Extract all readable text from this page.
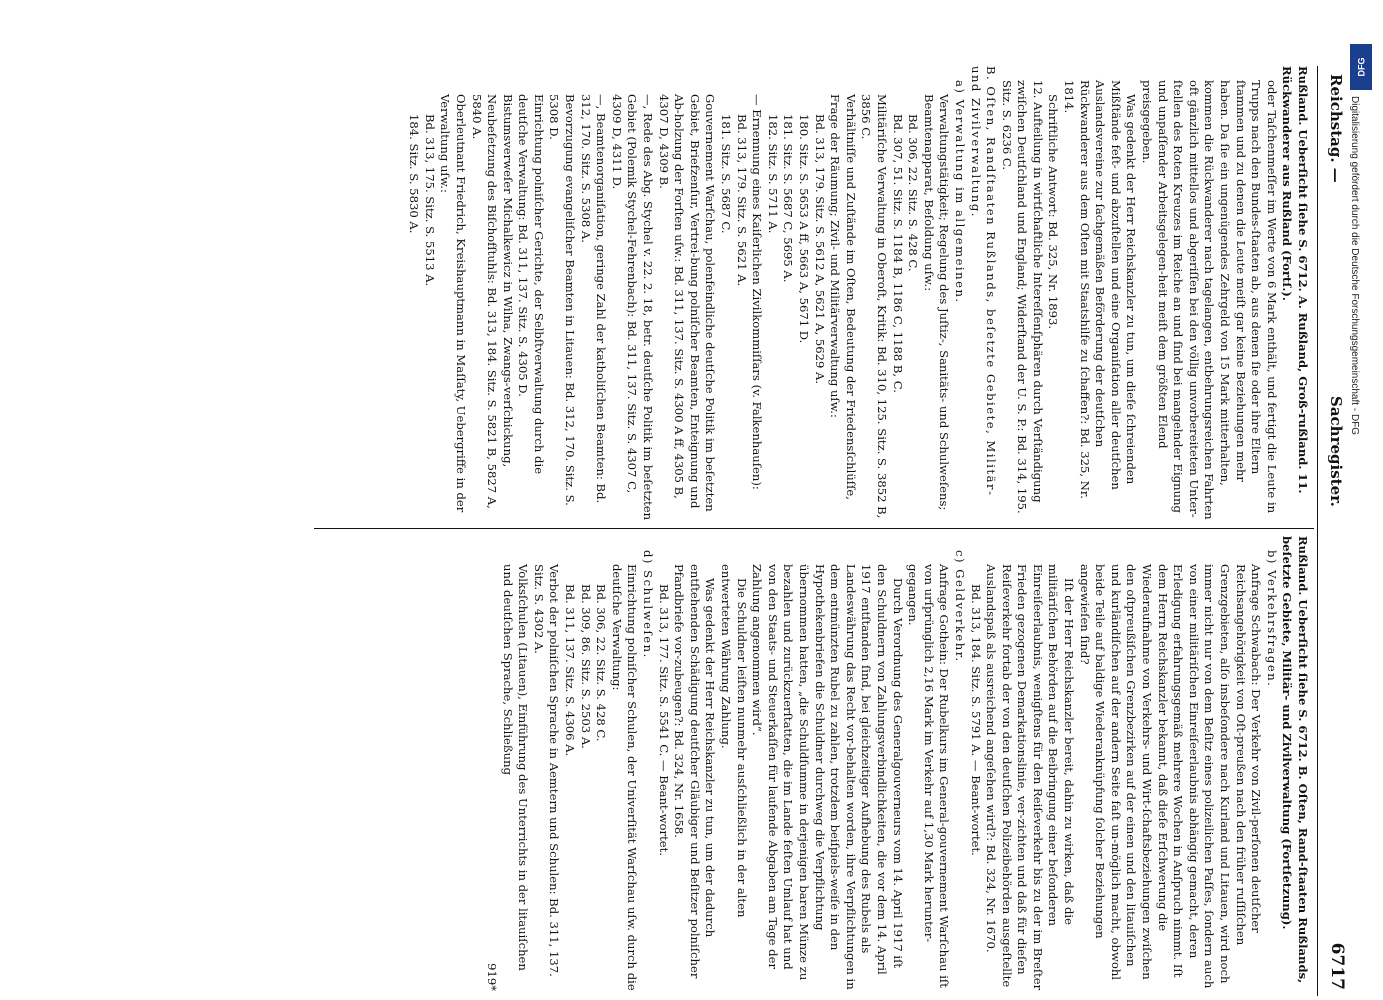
Reichstag. —
Sachregister.
6717

Rußland. Ueberſicht ſiehe S. 6712. A. Rußland, Groß-rußland. 11. Rückwanderer aus Rußland (Fortſ.).

oder Taſchenmeſſer im Werte von 6 Mark enthält, und fertigt die Leute in Trupps nach den Bundes-ſtaaten ab, aus denen ſie oder ihre Eltern ſtammen und zu denen die Leute meiſt gar keine Beziehungen mehr haben. Da ſie ein ungenügendes Zehrgeld von 15 Mark mitterhalten, kommen die Rückwanderer nach tagelangen, entbehrungsreichen Fahrten oft gänzlich mittellos und abgeriſſen bei den völlig unvorbereiteten Unter-ſtellen des Roten Kreuzes im Reiche an und ſind bei mangelnder Eignung und unpaſſender Arbeitsgelegen-heit meiſt dem größten Elend preisgegeben.

Was gedenkt der Herr Reichskanzler zu tun, um dieſe ſchreienden Mißſtände feſt- und abzuſtellen und eine Organiſation aller deutſchen Auslandsvereine zur ſachgemäßen Beförderung der deutſchen Rückwanderer aus dem Oſten mit Staatshilfe zu ſchaffen?: Bd. 325, Nr. 1814.

Schriftliche Antwort: Bd. 325, Nr. 1893.

12. Aufteilung in wirtſchaftliche Intereſſenſphären durch Verſtändigung zwiſchen Deutſchland und England; Widerſtand der U. S. P.: Bd. 314, 195. Sitz. S. 6236 C.

B. Oſten, Randſtaaten Rußlands, beſetzte Gebiete, Militär- und Zivilverwaltung.

a) Verwaltung im allgemeinen.

Verwaltungstätigkeit; Regelung des Juſtiz-, Sanitäts- und Schulweſens; Beamtenapparat, Beſoldung uſw.:

Bd. 306, 22. Sitz. S. 428 C.

Bd. 307, 51. Sitz. S. 1184 B, 1186 C, 1188 B, C.

Militäriſche Verwaltung in Oberoſt, Kritik: Bd. 310, 125. Sitz. S. 3852 B, 3856 C.

Verhältniſſe und Zuſtände im Oſten, Bedeutung der Friedensſchlüſſe, Frage der Räumung; Zivil- und Militärverwaltung uſw.:

Bd. 313, 179. Sitz. S. 5612 A, 5621 A, 5629 A.

180. Sitz. S. 5653 A ff, 5663 A, 5671 D.

181. Sitz. S. 5687 C, 5695 A.

182. Sitz. S. 5711 A.

— Ernennung eines Kaiſerlichen Zivilkommiſſars (v. Falkenhauſen):

Bd. 313, 179. Sitz. S. 5621 A.

181. Sitz. S. 5687 C.

Gouvernement Warſchau, polenfeindliche deutſche Politik im beſetzten Gebiet, Briefzenſur, Vertrei-bung polniſcher Beamten, Enteignung und Ab-holzung der Forſten uſw.: Bd. 311, 137. Sitz. S. 4300 A ff, 4305 B, 4307 D, 4309 B.

—, Rede des Abg. Stychel v. 22. 2. 18, betr. deutſche Politik im beſetzten Gebiet (Polemik Stychel-Fehrenbach): Bd. 311, 137. Sitz. S. 4307 C, 4309 D, 4311 D.

—, Beamtenorganiſation, geringe Zahl der katholiſchen Beamten: Bd. 312, 170. Sitz. S. 5308 A.

Bevorzugung evangeliſcher Beamten in Litauen: Bd. 312, 170. Sitz. S. 5308 D.

Einrichtung polniſcher Gerichte, der Selbſtverwaltung durch die deutſche Verwaltung: Bd. 311, 137. Sitz. S. 4305 D.

Bistumsverweſer Michalkewicz in Wilna, Zwangs-verſchickung, Neubeſetzung des Biſchofſtuhls: Bd. 313, 184. Sitz. S. 5821 B, 5827 A, 5840 A.

Oberleutnant Friedrich, Kreishauptmann in Maſſaty, Uebergriffe in der Verwaltung uſw.:

Bd. 313, 175. Sitz. S. 5513 A.

184. Sitz. S. 5830 A.

Rußland. Ueberſicht ſiehe S. 6712. B. Oſten, Rand-ſtaaten Rußlands, beſetzte Gebiete, Militär- und Zivilverwaltung (Fortſetzung).

b) Verkehrsfragen.

Anfrage Schwabach: Der Verkehr von Zivil-perſonen deutſcher Reichsangehörigkeit von Oſt-preußen nach den früher ruſſiſchen Grenzgebieten, alſo insbeſondere nach Kurland und Litauen, wird noch immer nicht nur von dem Beſitz eines polizeilichen Paſſes, ſondern auch von einer militäriſchen Einreiſeerlaubnis abhängig gemacht, deren Erledigung erfahrungsgemäß mehrere Wochen in Anſpruch nimmt. Iſt dem Herrn Reichskanzler bekannt, daß dieſe Erſchwerung die Wiederaufnahme von Verkehrs- und Wirt-ſchaftsbeziehungen zwiſchen den oſtpreußiſchen Grenzbezirken auf der einen und den litauiſchen und kurländiſchen auf der andern Seite faſt un-möglich macht, obwohl beide Teile auf baldige Wiederanknüpfung ſolcher Beziehungen angewieſen ſind?

Iſt der Herr Reichskanzler bereit, dahin zu wirken, daß die militäriſchen Behörden auf die Beibringung einer beſonderen Einreiſeerlaubnis, wenigſtens für den Reiſeverkehr bis zu der im Breſter Frieden gezogenen Demarkationslinie, ver-zichten und daß für dieſen Reiſeverkehr fortab der von den deutſchen Polizeibehörden ausgeſtellte Auslandspaß als ausreichend angeſehen wird?: Bd. 324, Nr. 1670.

Bd. 313, 184. Sitz. S. 5791 A. — Beant-wortet.

c) Geldverkehr.

Anfrage Gothein: Der Rubelkurs im General-gouvernement Warſchau iſt von urſprünglich 2,16 Mark im Verkehr auf 1,30 Mark herunter-gegangen.

Durch Verordnung des Generalgouverneurs vom 14. April 1917 iſt den Schuldnern von Zahlungsverbindlichkeiten, die vor dem 14. April 1917 entſtanden ſind, bei gleichzeitiger Aufhebung des Rubels als Landeswährung das Recht vor-behalten worden, ihre Verpflichtungen in dem entmünzten Rubel zu zahlen, trotzdem beiſpiels-weiſe in den Hypothekenbriefen die Schuldner durchweg die Verpflichtung übernommen hatten, „die Schuldſumme in derjenigen baren Münze zu bezahlen und zurückzuerſtatten, die im Lande feſten Umlauf hat und von den Staats- und Steuerkaſſen für laufende Abgaben am Tage der Zahlung angenommen wird“.

Die Schuldner leiſten nunmehr ausſchließlich in der alten entwerteten Währung Zahlung.

Was gedenkt der Herr Reichskanzler zu tun, um der dadurch entſtehenden Schädigung deutſcher Gläubiger und Beſitzer polniſcher Pfandbriefe vor-zubeugen?: Bd. 324, Nr. 1658.

Bd. 313, 177. Sitz. S. 5541 C. — Beant-wortet.

d) Schulweſen.

Einrichtung polniſcher Schulen, der Univerſität Warſchau uſw. durch die deutſche Verwaltung:

Bd. 306, 22. Sitz. S. 428 C.

Bd. 309, 86. Sitz. S. 2503 A.

Bd. 311, 137. Sitz. S. 4306 A.

Verbot der polniſchen Sprache in Aemtern und Schulen: Bd. 311, 137. Sitz. S. 4302 A.

Volksſchulen (Litauen), Einführung des Unterrichts in der litauiſchen und deutſchen Sprache, Schließung

919*

DFG
Digitalisierung gefördert durch die Deutsche Forschungsgemeinschaft - DFG
